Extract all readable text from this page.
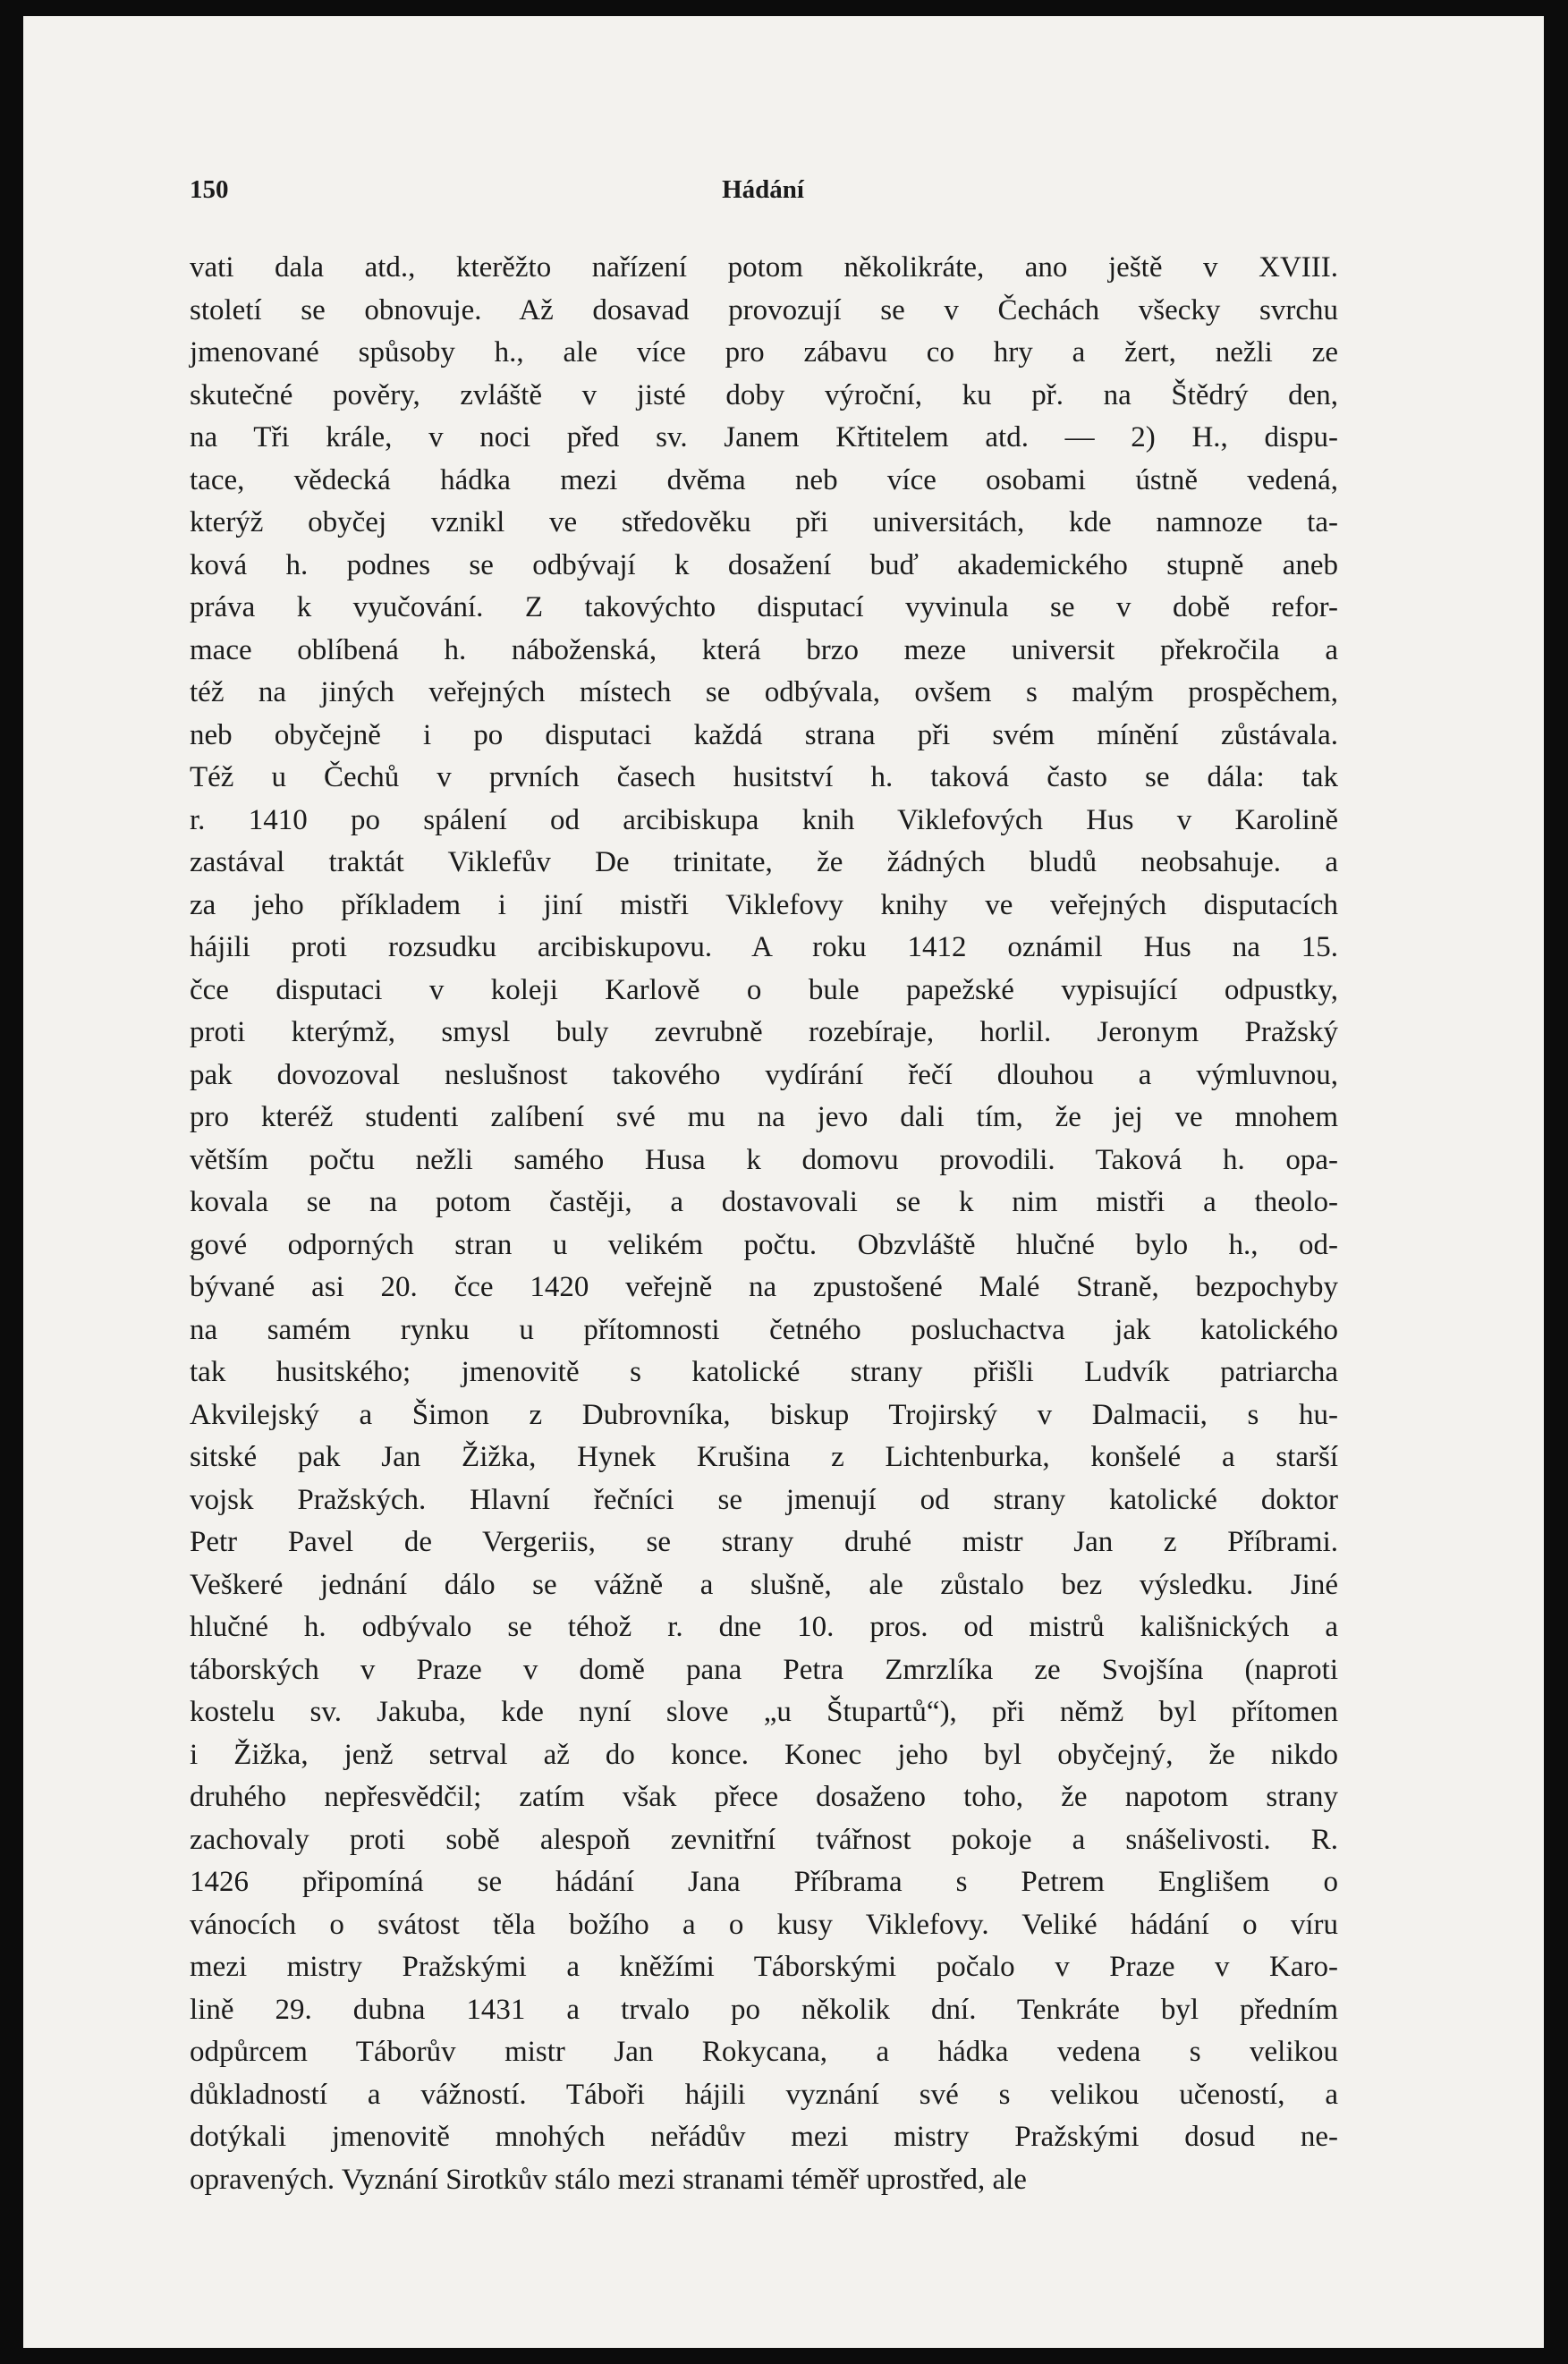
150	Hádání
vati dala atd., kterěžto nařízení potom několikráte, ano ještě v XVIII.
století se obnovuje. Až dosavad provozují se v Čechách všecky svrchu
jmenované spůsoby h., ale více pro zábavu co hry a žert, nežli ze
skutečné pověry, zvláště v jisté doby výroční, ku př. na Štědrý den,
na Tři krále, v noci před sv. Janem Křtitelem atd. — 2) H., dispu-
tace, vědecká hádka mezi dvěma neb více osobami ústně vedená,
kterýž obyčej vznikl ve středověku při universitách, kde namnoze ta-
ková h. podnes se odbývají k dosažení buď akademického stupně aneb
práva k vyučování. Z takovýchto disputací vyvinula se v době refor-
mace oblíbená h. náboženská, která brzo meze universit překročila a
též na jiných veřejných místech se odbývala, ovšem s malým prospěchem,
neb obyčejně i po disputaci každá strana při svém mínění zůstávala.
Též u Čechů v prvních časech husitství h. taková často se dála: tak
r. 1410 po spálení od arcibiskupa knih Viklefových Hus v Karolině
zastával traktát Viklefův De trinitate, že žádných bludů neobsahuje. a
za jeho příkladem i jiní mistři Viklefovy knihy ve veřejných disputacích
hájili proti rozsudku arcibiskupovu. A roku 1412 oznámil Hus na 15.
čce disputaci v koleji Karlově o bule papežské vypisující odpustky,
proti kterýmž, smysl buly zevrubně rozebíraje, horlil. Jeronym Pražský
pak dovozoval neslušnost takového vydírání řečí dlouhou a výmluvnou,
pro kteréž studenti zalíbení své mu na jevo dali tím, že jej ve mnohem
větším počtu nežli samého Husa k domovu provodili. Taková h. opa-
kovala se na potom častěji, a dostavovali se k nim mistři a theolo-
gové odporných stran u velikém počtu. Obzvláště hlučné bylo h., od-
bývané asi 20. čce 1420 veřejně na zpustošené Malé Straně, bezpochyby
na samém rynku u přítomnosti četného posluchactva jak katolického
tak husitského; jmenovitě s katolické strany přišli Ludvík patriarcha
Akvilejský a Šimon z Dubrovníka, biskup Trojirský v Dalmacii, s hu-
sitské pak Jan Žižka, Hynek Krušina z Lichtenburka, konšelé a starší
vojsk Pražských. Hlavní řečníci se jmenují od strany katolické doktor
Petr Pavel de Vergeriis, se strany druhé mistr Jan z Příbrami.
Veškeré jednání dálo se vážně a slušně, ale zůstalo bez výsledku. Jiné
hlučné h. odbývalo se téhož r. dne 10. pros. od mistrů kališnických a
táborských v Praze v domě pana Petra Zmrzlíka ze Svojšína (naproti
kostelu sv. Jakuba, kde nyní slove „u Štupartů“), při němž byl přítomen
i Žižka, jenž setrval až do konce. Konec jeho byl obyčejný, že nikdo
druhého nepřesvědčil; zatím však přece dosaženo toho, že napotom strany
zachovaly proti sobě alespoň zevnitřní tvářnost pokoje a snášelivosti. R.
1426 připomíná se hádání Jana Příbrama s Petrem Englišem o
vánocích o svátost těla božího a o kusy Viklefovy. Veliké hádání o víru
mezi mistry Pražskými a kněžími Táborskými počalo v Praze v Karo-
lině 29. dubna 1431 a trvalo po několik dní. Tenkráte byl předním
odpůrcem Táborův mistr Jan Rokycana, a hádka vedena s velikou
důkladností a vážností. Táboři hájili vyznání své s velikou učeností, a
dotýkali jmenovitě mnohých neřádův mezi mistry Pražskými dosud ne-
opravených. Vyznání Sirotkův stálo mezi stranami téměř uprostřed, ale
